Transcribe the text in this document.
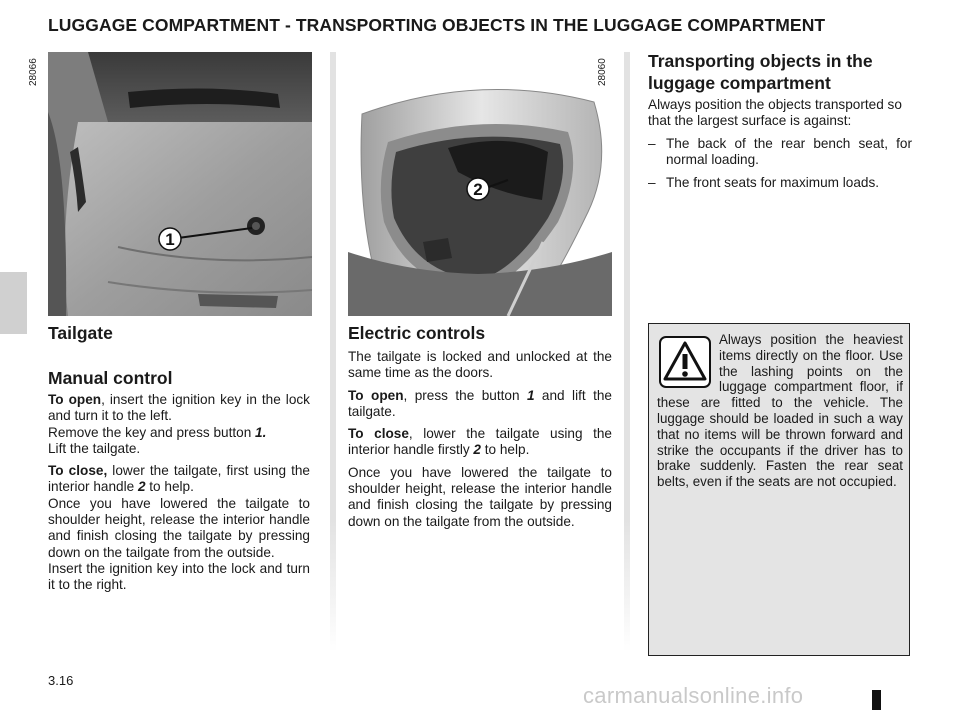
LUGGAGE COMPARTMENT - TRANSPORTING OBJECTS IN THE LUGGAGE COMPARTMENT
1
28066
2
28060
Tailgate
Manual control

To open, insert the ignition key in the lock and turn it to the left.
Remove the key and press button 1.
Lift the tailgate.

To close, lower the tailgate, first using the interior handle 2 to help.
Once you have lowered the tailgate to shoulder height, release the interior handle and finish closing the tailgate by pressing down on the tailgate from the outside.
Insert the ignition key into the lock and turn it to the right.

Electric controls

The tailgate is locked and unlocked at the same time as the doors.

To open, press the button 1 and lift the tailgate.

To close, lower the tailgate using the interior handle firstly 2 to help.

Once you have lowered the tailgate to shoulder height, release the interior handle and finish closing the tailgate by pressing down on the tailgate from the outside.

Transporting objects in the luggage compartment

Always position the objects transported so that the largest surface is against:

– The back of the rear bench seat, for normal loading.
– The front seats for maximum loads.
Always position the heaviest items directly on the floor. Use the lashing points on the luggage compartment floor, if these are fitted to the vehicle. The luggage should be loaded in such a way that no items will be thrown forward and strike the occupants if the driver has to brake suddenly. Fasten the rear seat belts, even if the seats are not occupied.
3.16
carmanualsonline.info
